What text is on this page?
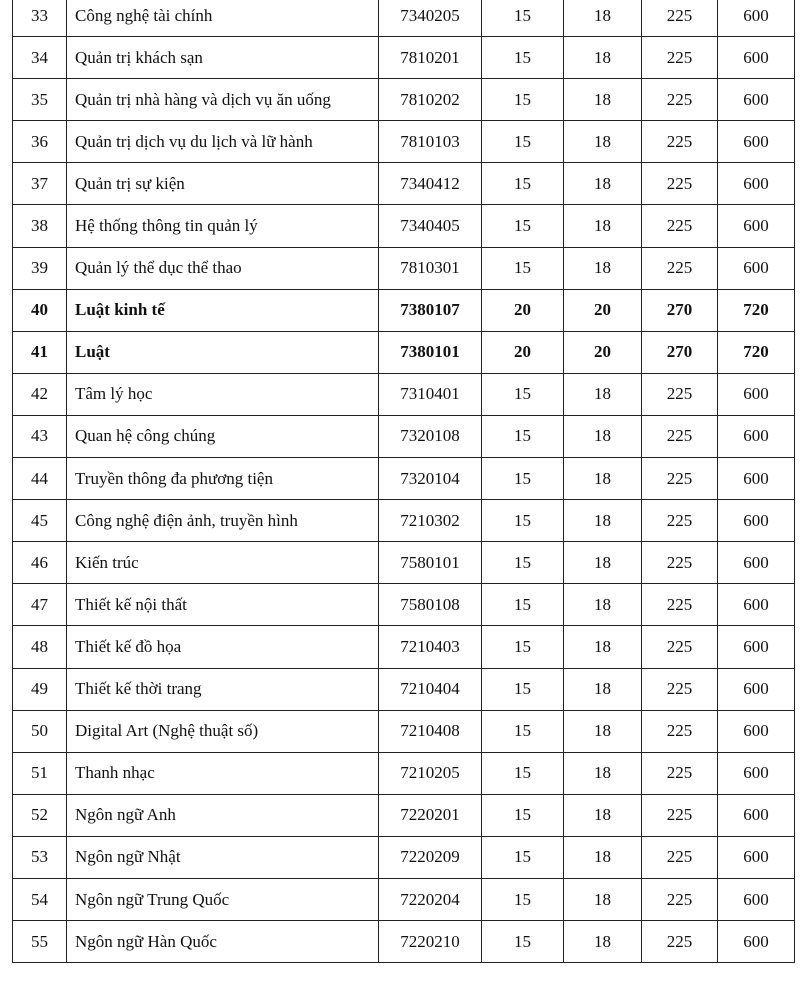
33	Công nghệ tài chính	7340205	15	18	225	600
34	Quản trị khách sạn	7810201	15	18	225	600
35	Quản trị nhà hàng và dịch vụ ăn uống	7810202	15	18	225	600
36	Quản trị dịch vụ du lịch và lữ hành	7810103	15	18	225	600
37	Quản trị sự kiện	7340412	15	18	225	600
38	Hệ thống thông tin quản lý	7340405	15	18	225	600
39	Quản lý thể dục thể thao	7810301	15	18	225	600
40	Luật kinh tế	7380107	20	20	270	720
41	Luật	7380101	20	20	270	720
42	Tâm lý học	7310401	15	18	225	600
43	Quan hệ công chúng	7320108	15	18	225	600
44	Truyền thông đa phương tiện	7320104	15	18	225	600
45	Công nghệ điện ảnh, truyền hình	7210302	15	18	225	600
46	Kiến trúc	7580101	15	18	225	600
47	Thiết kế nội thất	7580108	15	18	225	600
48	Thiết kế đồ họa	7210403	15	18	225	600
49	Thiết kế thời trang	7210404	15	18	225	600
50	Digital Art (Nghệ thuật số)	7210408	15	18	225	600
51	Thanh nhạc	7210205	15	18	225	600
52	Ngôn ngữ Anh	7220201	15	18	225	600
53	Ngôn ngữ Nhật	7220209	15	18	225	600
54	Ngôn ngữ Trung Quốc	7220204	15	18	225	600
55	Ngôn ngữ Hàn Quốc	7220210	15	18	225	600
